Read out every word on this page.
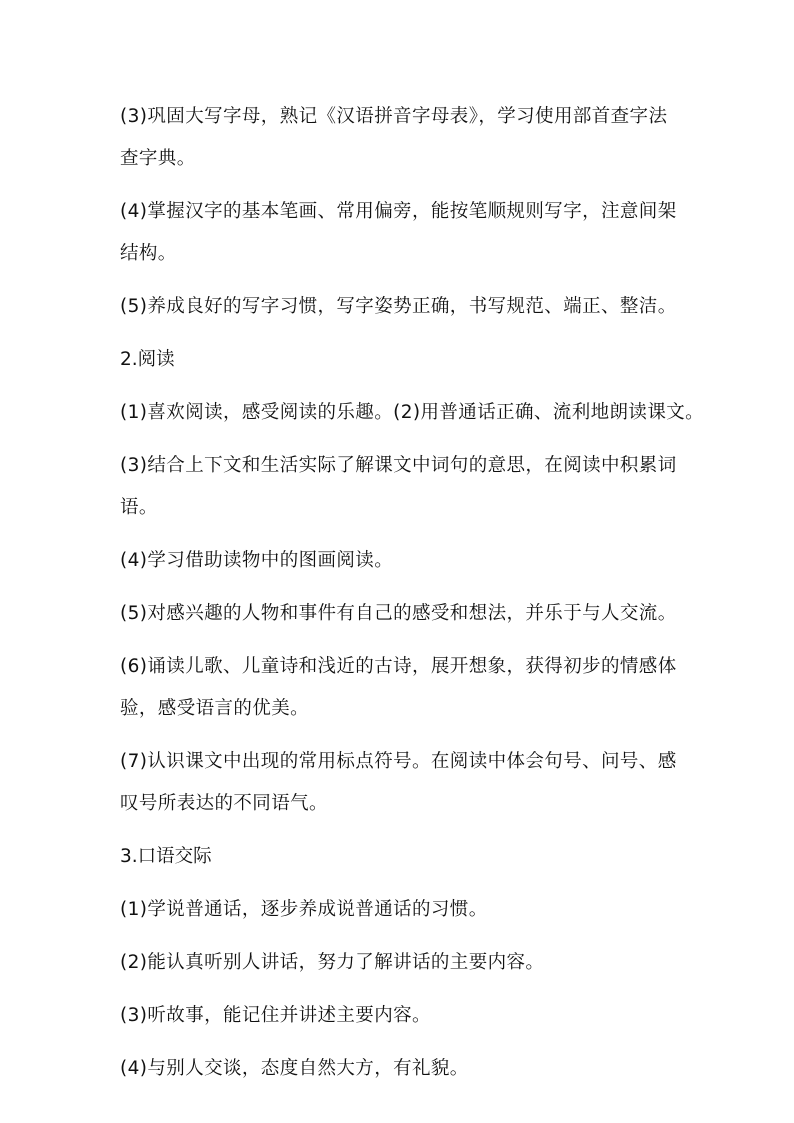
(3)巩固大写字母，熟记《汉语拼音字母表》，学习使用部首查字法
查字典。
(4)掌握汉字的基本笔画、常用偏旁，能按笔顺规则写字，注意间架
结构。
(5)养成良好的写字习惯，写字姿势正确，书写规范、端正、整洁。
2.阅读
(1)喜欢阅读，感受阅读的乐趣。(2)用普通话正确、流利地朗读课文。
(3)结合上下文和生活实际了解课文中词句的意思，在阅读中积累词
语。
(4)学习借助读物中的图画阅读。
(5)对感兴趣的人物和事件有自己的感受和想法，并乐于与人交流。
(6)诵读儿歌、儿童诗和浅近的古诗，展开想象，获得初步的情感体
验，感受语言的优美。
(7)认识课文中出现的常用标点符号。在阅读中体会句号、问号、感
叹号所表达的不同语气。
3.口语交际
(1)学说普通话，逐步养成说普通话的习惯。
(2)能认真听别人讲话，努力了解讲话的主要内容。
(3)听故事，能记住并讲述主要内容。
(4)与别人交谈，态度自然大方，有礼貌。
